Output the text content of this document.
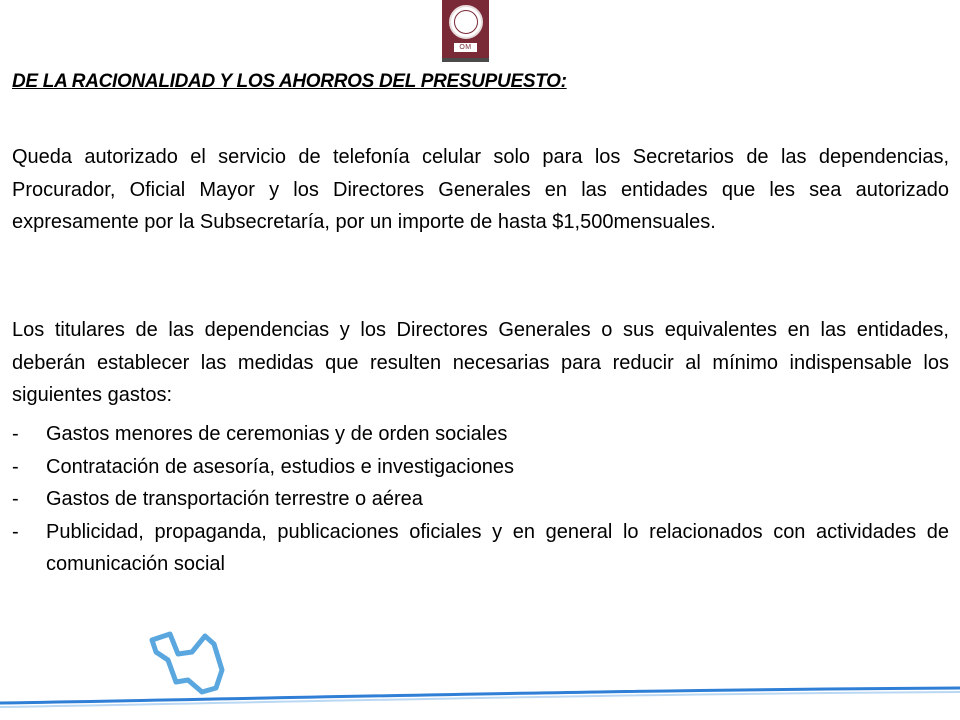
OM
DE LA RACIONALIDAD Y LOS AHORROS DEL PRESUPUESTO:

Queda autorizado el servicio de telefonía celular solo para los Secretarios de las dependencias, Procurador, Oficial Mayor y los Directores Generales en las entidades que les sea autorizado expresamente por la Subsecretaría, por un importe de hasta $1,500mensuales.

Los titulares de las dependencias y los Directores Generales o sus equivalentes en las entidades, deberán establecer las medidas que resulten necesarias para reducir al mínimo indispensable los siguientes gastos:

- Gastos menores de ceremonias y de orden sociales
- Contratación de asesoría, estudios e investigaciones
- Gastos de transportación terrestre o aérea
- Publicidad, propaganda, publicaciones oficiales y en general lo relacionados con actividades de comunicación social
